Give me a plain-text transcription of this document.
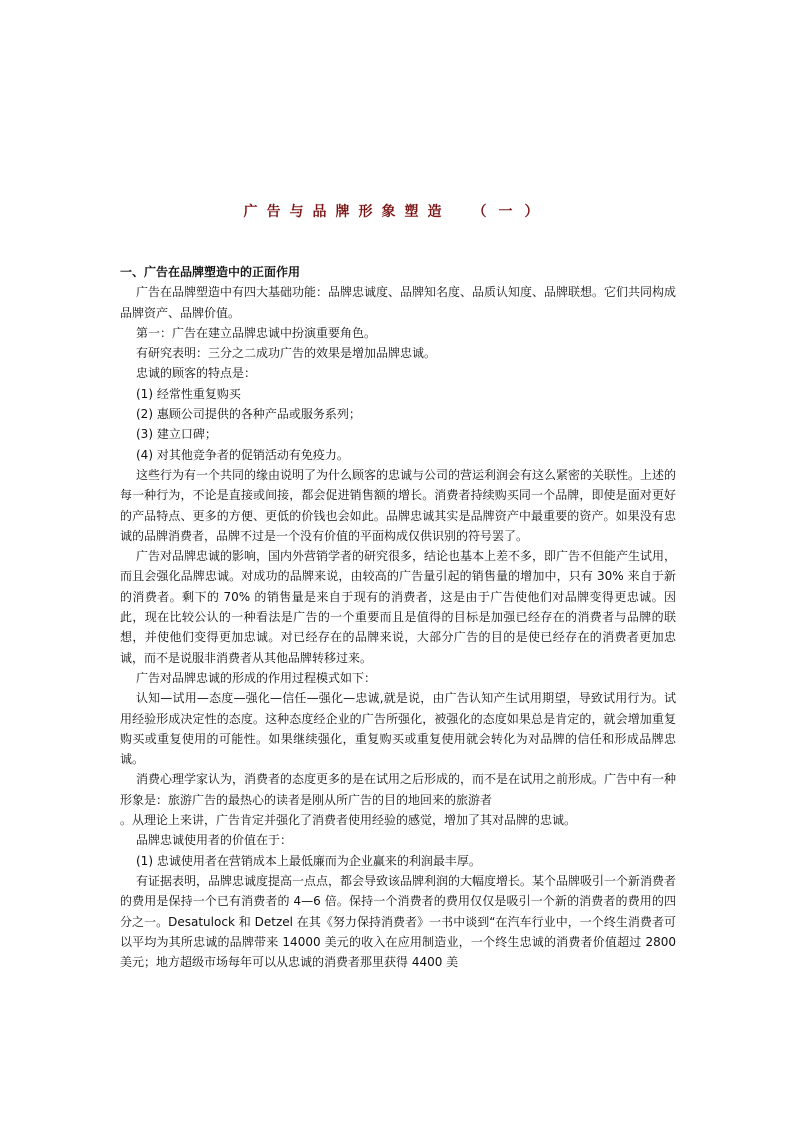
广告与品牌形象塑造 （一）

一、广告在品牌塑造中的正面作用

广告在品牌塑造中有四大基础功能：品牌忠诚度、品牌知名度、品质认知度、品牌联想。它们共同构成品牌资产、品牌价值。

第一：广告在建立品牌忠诚中扮演重要角色。

有研究表明：三分之二成功广告的效果是增加品牌忠诚。

忠诚的顾客的特点是：

(1) 经常性重复购买

(2) 惠顾公司提供的各种产品或服务系列；

(3) 建立口碑；

(4) 对其他竞争者的促销活动有免疫力。

这些行为有一个共同的缘由说明了为什么顾客的忠诚与公司的营运利润会有这么紧密的关联性。上述的每一种行为，不论是直接或间接，都会促进销售额的增长。消费者持续购买同一个品牌，即使是面对更好的产品特点、更多的方便、更低的价钱也会如此。品牌忠诚其实是品牌资产中最重要的资产。如果没有忠诚的品牌消费者，品牌不过是一个没有价值的平面构成仅供识别的符号罢了。

广告对品牌忠诚的影响，国内外营销学者的研究很多，结论也基本上差不多，即广告不但能产生试用，而且会强化品牌忠诚。对成功的品牌来说，由较高的广告量引起的销售量的增加中，只有 30% 来自于新的消费者。剩下的 70% 的销售量是来自于现有的消费者，这是由于广告使他们对品牌变得更忠诚。因此，现在比较公认的一种看法是广告的一个重要而且是值得的目标是加强已经存在的消费者与品牌的联想，并使他们变得更加忠诚。对已经存在的品牌来说，大部分广告的目的是使已经存在的消费者更加忠诚，而不是说服非消费者从其他品牌转移过来。

广告对品牌忠诚的形成的作用过程模式如下：

认知—试用—态度—强化—信任—强化—忠诚,就是说，由广告认知产生试用期望，导致试用行为。试用经验形成决定性的态度。这种态度经企业的广告所强化，被强化的态度如果总是肯定的，就会增加重复购买或重复使用的可能性。如果继续强化，重复购买或重复使用就会转化为对品牌的信任和形成品牌忠诚。

消费心理学家认为，消费者的态度更多的是在试用之后形成的，而不是在试用之前形成。广告中有一种形象是：旅游广告的最热心的读者是刚从所广告的目的地回来的旅游者

。从理论上来讲，广告肯定并强化了消费者使用经验的感觉，增加了其对品牌的忠诚。

品牌忠诚使用者的价值在于：

(1) 忠诚使用者在营销成本上最低廉而为企业赢来的利润最丰厚。

有证据表明，品牌忠诚度提高一点点，都会导致该品牌利润的大幅度增长。某个品牌吸引一个新消费者的费用是保持一个已有消费者的 4—6 倍。保持一个消费者的费用仅仅是吸引一个新的消费者的费用的四分之一。Desatulock 和 Detzel 在其《努力保持消费者》一书中谈到“在汽车行业中，一个终生消费者可以平均为其所忠诚的品牌带来 14000 美元的收入在应用制造业，一个终生忠诚的消费者价值超过 2800 美元；地方超级市场每年可以从忠诚的消费者那里获得 4400 美
